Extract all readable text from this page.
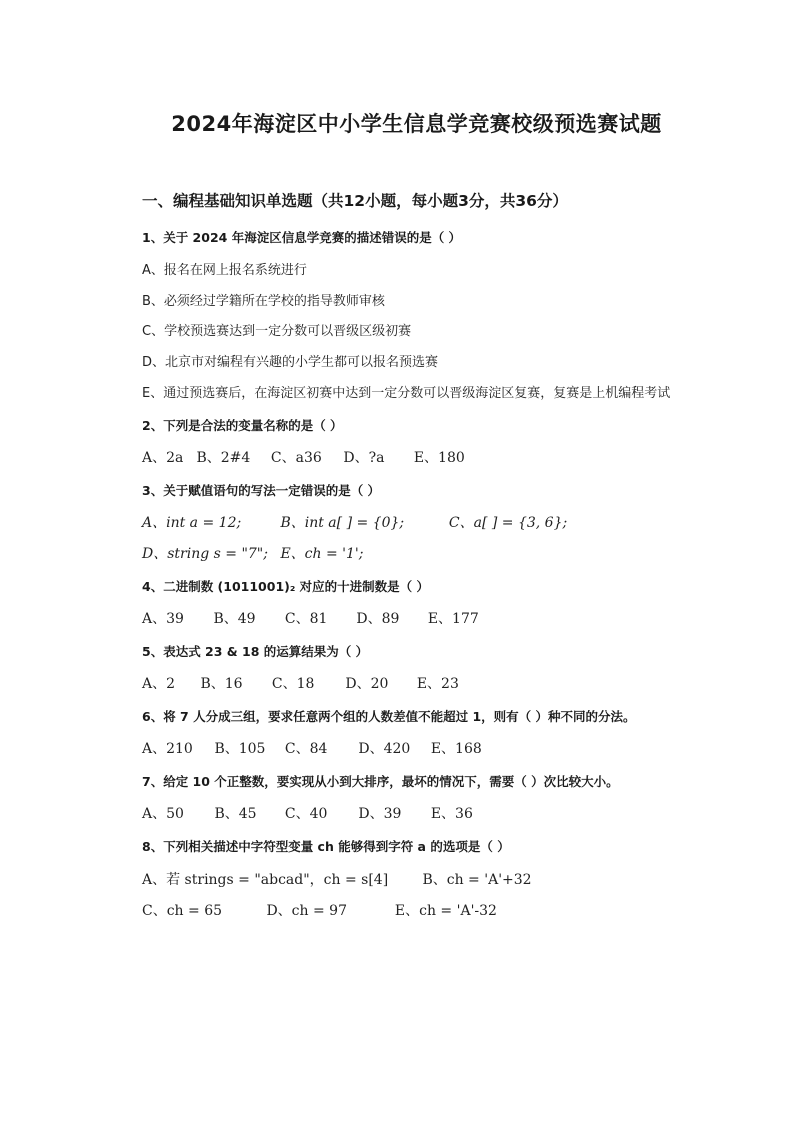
2024年海淀区中小学生信息学竞赛校级预选赛试题
一、编程基础知识单选题（共12小题，每小题3分，共36分）
1、关于 2024 年海淀区信息学竞赛的描述错误的是（ ）
A、报名在网上报名系统进行
B、必须经过学籍所在学校的指导教师审核
C、学校预选赛达到一定分数可以晋级区级初赛
D、北京市对编程有兴趣的小学生都可以报名预选赛
E、通过预选赛后，在海淀区初赛中达到一定分数可以晋级海淀区复赛，复赛是上机编程考试
2、下列是合法的变量名称的是（ ）
A、2a B、2#4 C、a36 D、?a E、180
3、关于赋值语句的写法一定错误的是（ ）
A、int a = 12;	B、int a[ ] = {0};	C、a[ ] = {3, 6};
D、string s = "7"; E、ch = '1';
4、二进制数 (1011001)₂ 对应的十进制数是（ ）
A、39 B、49 C、81 D、89 E、177
5、表达式 23 & 18 的运算结果为（ ）
A、2 B、16 C、18 D、20 E、23
6、将 7 人分成三组，要求任意两个组的人数差值不能超过 1，则有（ ）种不同的分法。
A、210 B、105 C、84 D、420 E、168
7、给定 10 个正整数，要实现从小到大排序，最坏的情况下，需要（ ）次比较大小。
A、50 B、45 C、40 D、39 E、36
8、下列相关描述中字符型变量 ch 能够得到字符 a 的选项是（ ）
A、若 strings = "abcad"，ch = s[4] B、ch = 'A'+32
C、ch = 65	D、ch = 97	E、ch = 'A'-32
